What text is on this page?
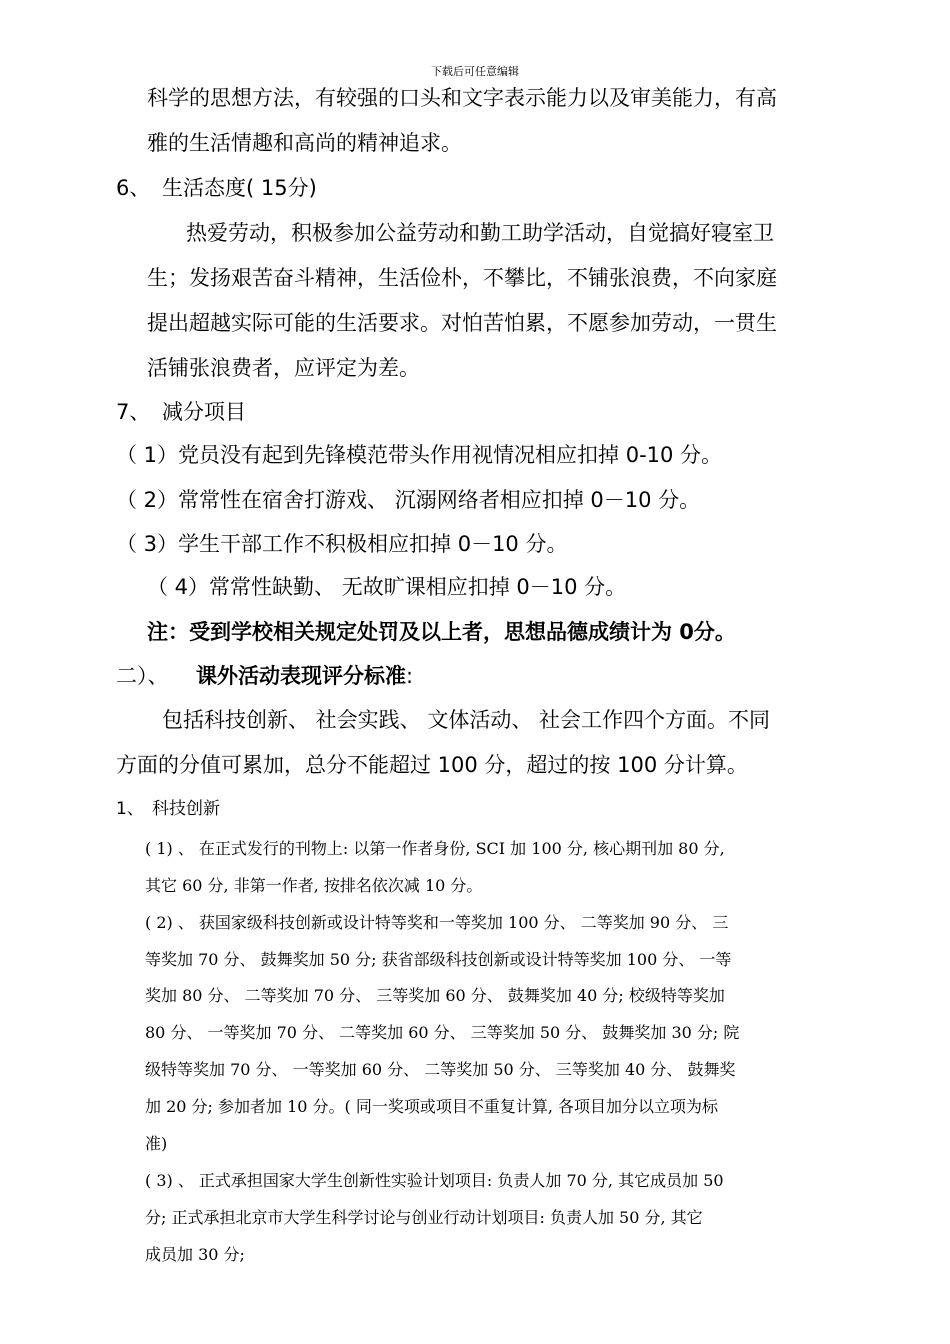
下载后可任意编辑
科学的思想方法，有较强的口头和文字表示能力以及审美能力，有高
雅的生活情趣和高尚的精神追求。
6、 生活态度( 15分)
热爱劳动，积极参加公益劳动和勤工助学活动，自觉搞好寝室卫
生；发扬艰苦奋斗精神，生活俭朴，不攀比，不铺张浪费，不向家庭
提出超越实际可能的生活要求。对怕苦怕累，不愿参加劳动，一贯生
活铺张浪费者，应评定为差。
7、 减分项目
（ 1）党员没有起到先锋模范带头作用视情况相应扣掉 0-10 分。
（ 2）常常性在宿舍打游戏、 沉溺网络者相应扣掉 0－10 分。
（ 3）学生干部工作不积极相应扣掉 0－10 分。
（ 4）常常性缺勤、 无故旷课相应扣掉 0－10 分。
注：受到学校相关规定处罚及以上者，思想品德成绩计为 0分。
二）、 课外活动表现评分标准:
包括科技创新、 社会实践、 文体活动、 社会工作四个方面。不同
方面的分值可累加，总分不能超过 100 分，超过的按 100 分计算。
1、 科技创新
( 1) 、 在正式发行的刊物上: 以第一作者身份, SCI 加 100 分, 核心期刊加 80 分,
其它 60 分, 非第一作者, 按排名依次减 10 分。
( 2) 、 获国家级科技创新或设计特等奖和一等奖加 100 分、 二等奖加 90 分、 三
等奖加 70 分、 鼓舞奖加 50 分; 获省部级科技创新或设计特等奖加 100 分、 一等
奖加 80 分、 二等奖加 70 分、 三等奖加 60 分、 鼓舞奖加 40 分; 校级特等奖加
80 分、 一等奖加 70 分、 二等奖加 60 分、 三等奖加 50 分、 鼓舞奖加 30 分; 院
级特等奖加 70 分、 一等奖加 60 分、 二等奖加 50 分、 三等奖加 40 分、 鼓舞奖
加 20 分; 参加者加 10 分。( 同一奖项或项目不重复计算, 各项目加分以立项为标
准)
( 3) 、 正式承担国家大学生创新性实验计划项目: 负责人加 70 分, 其它成员加 50
分; 正式承担北京市大学生科学讨论与创业行动计划项目: 负责人加 50 分, 其它
成员加 30 分;
